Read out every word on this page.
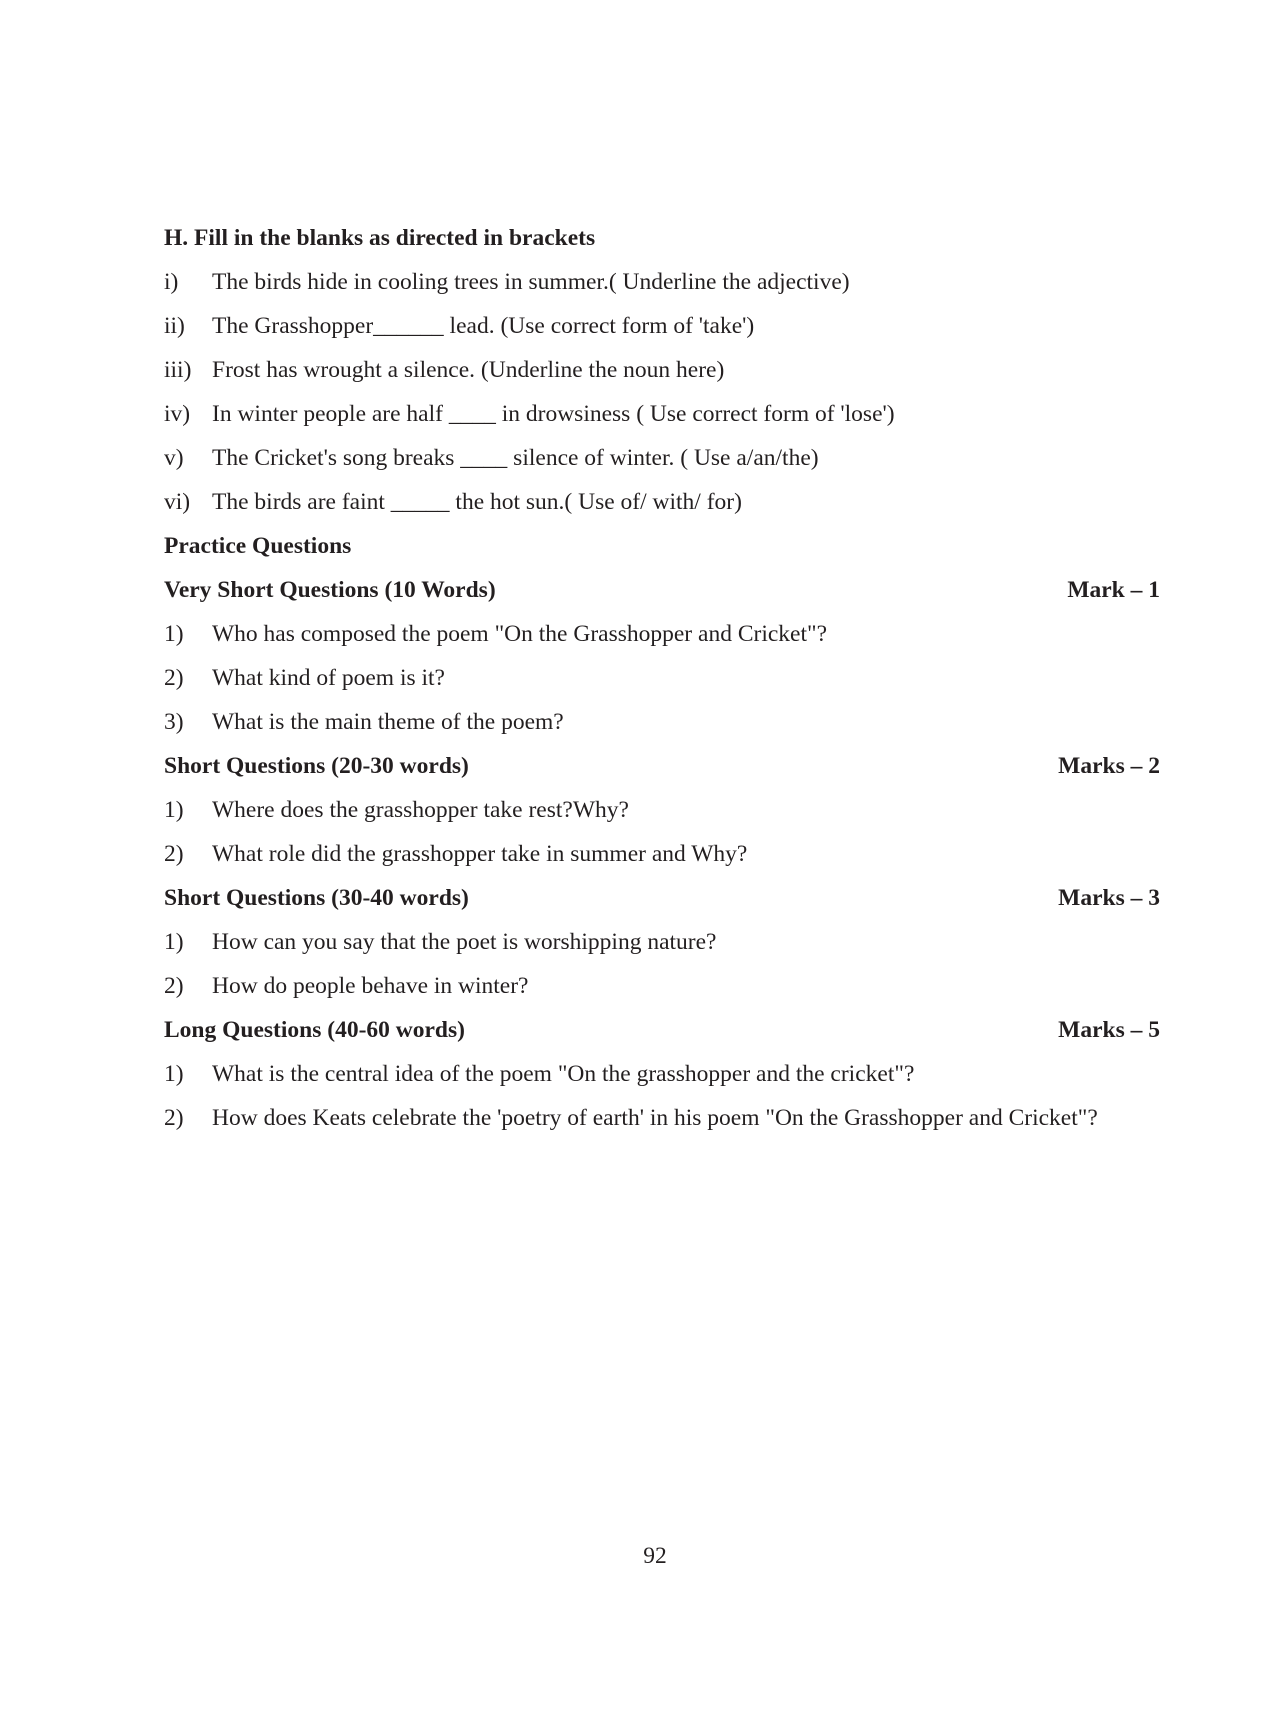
H. Fill in the blanks as directed in brackets
i)	The birds hide in cooling trees in summer.( Underline the adjective)
ii)	The Grasshopper______ lead. (Use correct form of 'take')
iii) Frost has wrought a silence. (Underline the noun here)
iv) In winter people are half ____ in drowsiness ( Use correct form of 'lose')
v)	The Cricket's song breaks ____ silence of winter. ( Use a/an/the)
vi) The birds are faint _____ the hot sun.( Use of/ with/ for)
Practice Questions
Very Short Questions (10 Words)	Mark – 1
1)	Who has composed the poem "On the Grasshopper and Cricket"?
2)	What kind of poem is it?
3)	What is the main theme of the poem?
Short Questions (20-30 words)	Marks – 2
1)	Where does the grasshopper take rest?Why?
2)	What role did the grasshopper take in summer and Why?
Short Questions (30-40 words)	Marks – 3
1)	How can you say that the poet is worshipping nature?
2)	How do people behave in winter?
Long Questions (40-60 words)	Marks – 5
1)	What is the central idea of the poem "On the grasshopper and the cricket"?
2)	How does Keats celebrate the 'poetry of earth' in his poem "On the Grasshopper and Cricket"?
92
